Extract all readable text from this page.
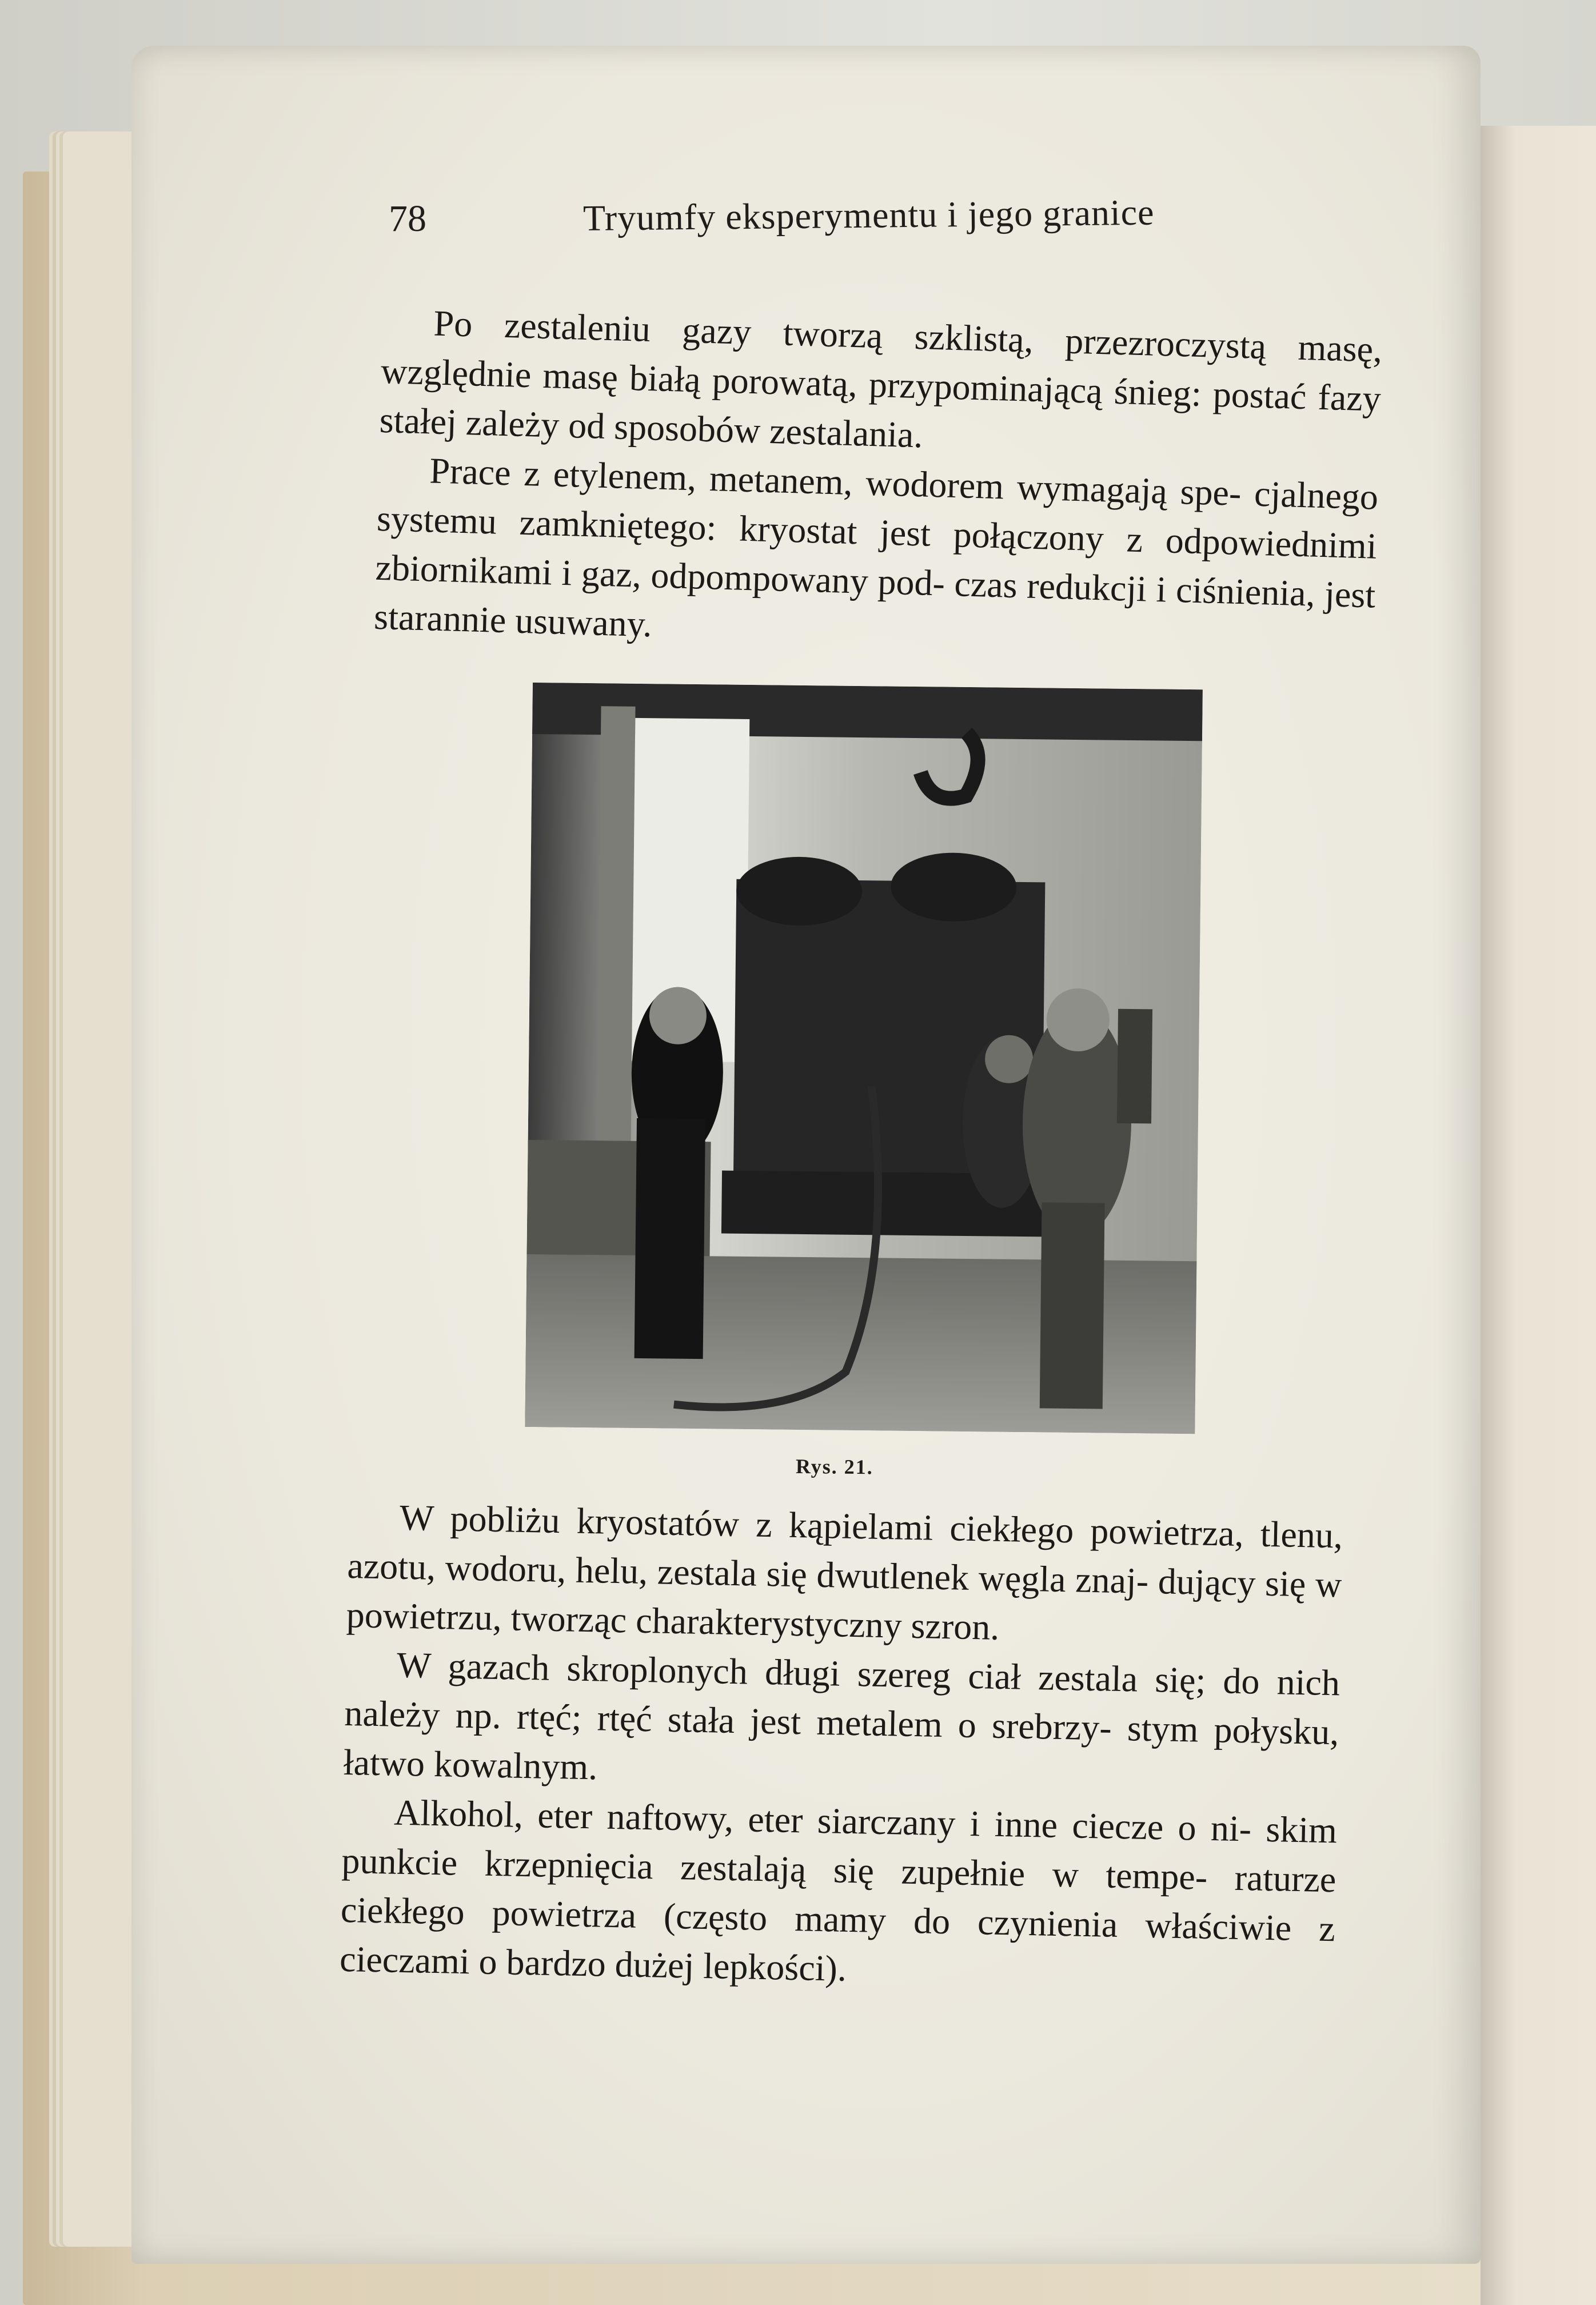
78	Tryumfy eksperymentu i jego granice

Po zestaleniu gazy tworzą szklistą, przezroczystą masę, względnie masę białą porowatą, przypominającą śnieg: postać fazy stałej zależy od sposobów zestalania.

Prace z etylenem, metanem, wodorem wymagają spe- cjalnego systemu zamkniętego: kryostat jest połączony z odpowiednimi zbiornikami i gaz, odpompowany pod- czas redukcji i ciśnienia, jest starannie usuwany.

Rys. 21.

W pobliżu kryostatów z kąpielami ciekłego powietrza, tlenu, azotu, wodoru, helu, zestala się dwutlenek węgla znaj- dujący się w powietrzu, tworząc charakterystyczny szron.

W gazach skroplonych długi szereg ciał zestala się; do nich należy np. rtęć; rtęć stała jest metalem o srebrzy- stym połysku, łatwo kowalnym.

Alkohol, eter naftowy, eter siarczany i inne ciecze o ni- skim punkcie krzepnięcia zestalają się zupełnie w tempe- raturze ciekłego powietrza (często mamy do czynienia właściwie z cieczami o bardzo dużej lepkości).
